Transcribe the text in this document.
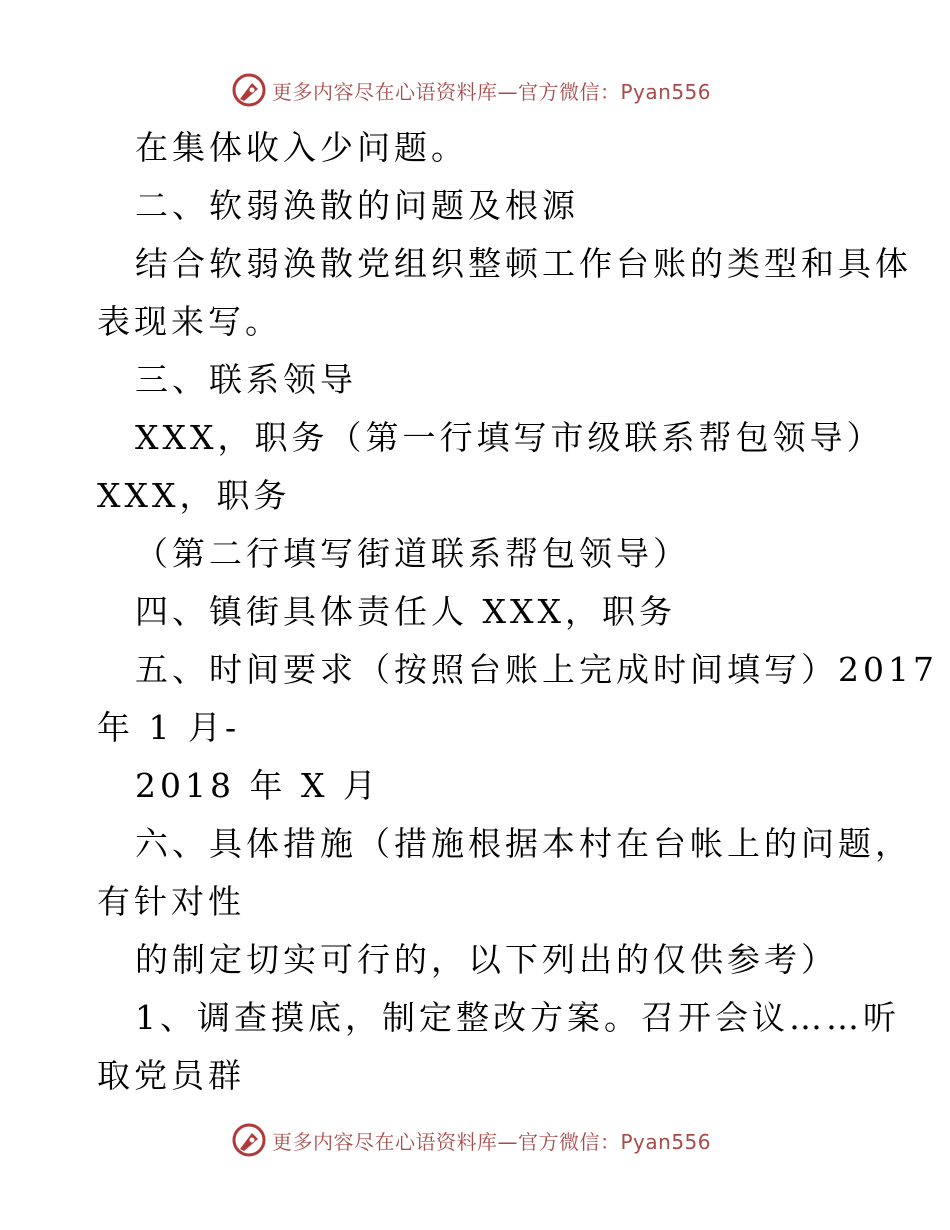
更多内容尽在心语资料库—官方微信：Pyan556
在集体收入少问题。
二、软弱涣散的问题及根源
结合软弱涣散党组织整顿工作台账的类型和具体
表现来写。
三、联系领导
XXX，职务（第一行填写市级联系帮包领导）
XXX，职务
（第二行填写街道联系帮包领导）
四、镇街具体责任人 XXX，职务
五、时间要求（按照台账上完成时间填写）2017
年 1 月-
2018 年 X 月
六、具体措施（措施根据本村在台帐上的问题，
有针对性
的制定切实可行的，以下列出的仅供参考）
1、调查摸底，制定整改方案。召开会议……听
取党员群
更多内容尽在心语资料库—官方微信：Pyan556
